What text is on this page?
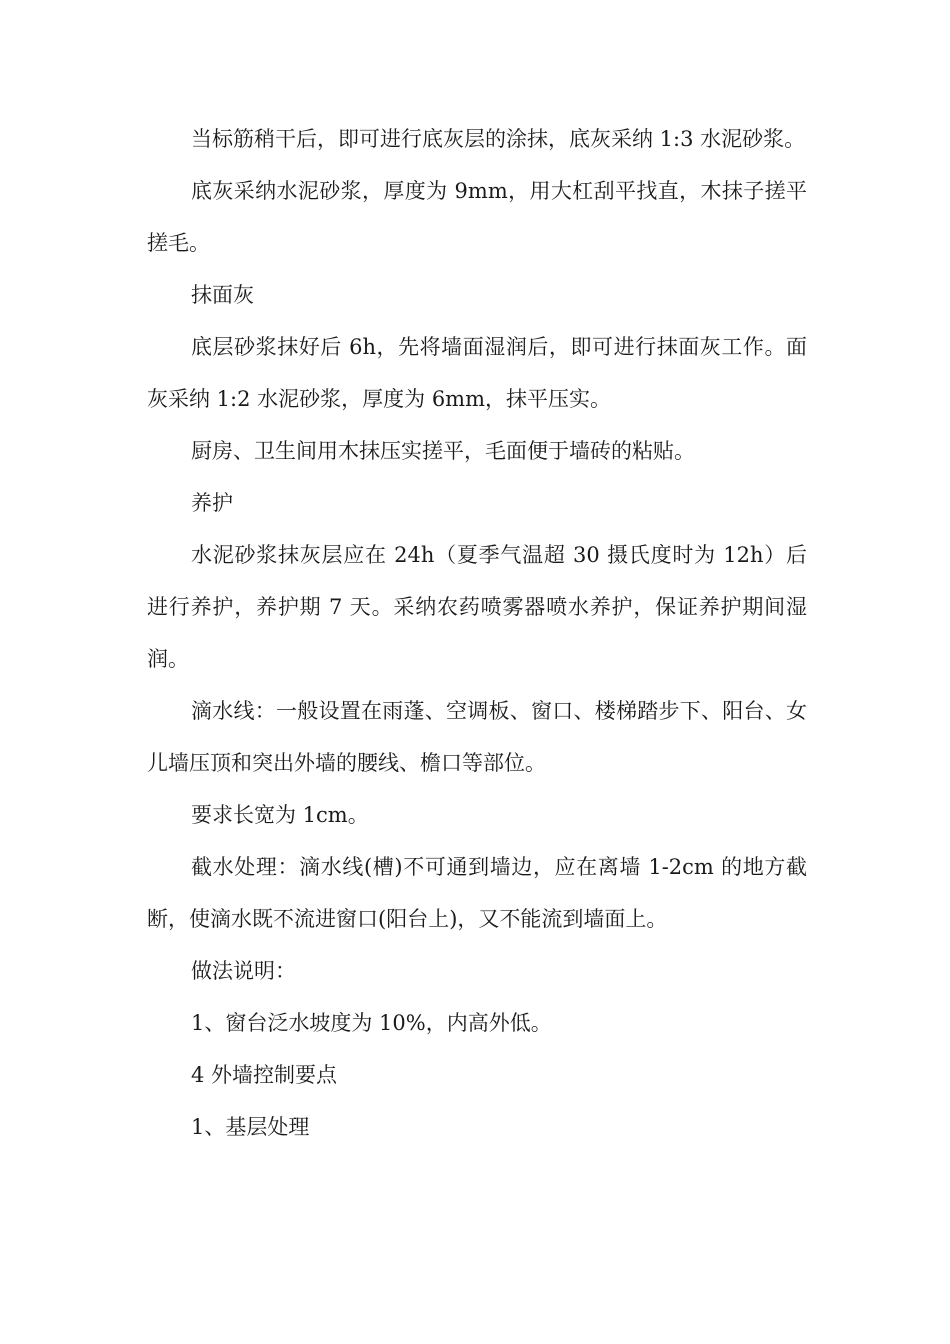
当标筋稍干后，即可进行底灰层的涂抹，底灰采纳 1:3 水泥砂浆。

底灰采纳水泥砂浆，厚度为 9mm，用大杠刮平找直，木抹子搓平搓毛。

抹面灰

底层砂浆抹好后 6h，先将墙面湿润后，即可进行抹面灰工作。面灰采纳 1:2 水泥砂浆，厚度为 6mm，抹平压实。

厨房、卫生间用木抹压实搓平，毛面便于墙砖的粘贴。

养护

水泥砂浆抹灰层应在 24h（夏季气温超 30 摄氏度时为 12h）后进行养护，养护期 7 天。采纳农药喷雾器喷水养护，保证养护期间湿润。

滴水线：一般设置在雨蓬、空调板、窗口、楼梯踏步下、阳台、女儿墙压顶和突出外墙的腰线、檐口等部位。

要求长宽为 1cm。

截水处理：滴水线(槽)不可通到墙边，应在离墙 1-2cm 的地方截断，使滴水既不流进窗口(阳台上)，又不能流到墙面上。

做法说明：

1、窗台泛水坡度为 10%，内高外低。

4 外墙控制要点

1、基层处理
